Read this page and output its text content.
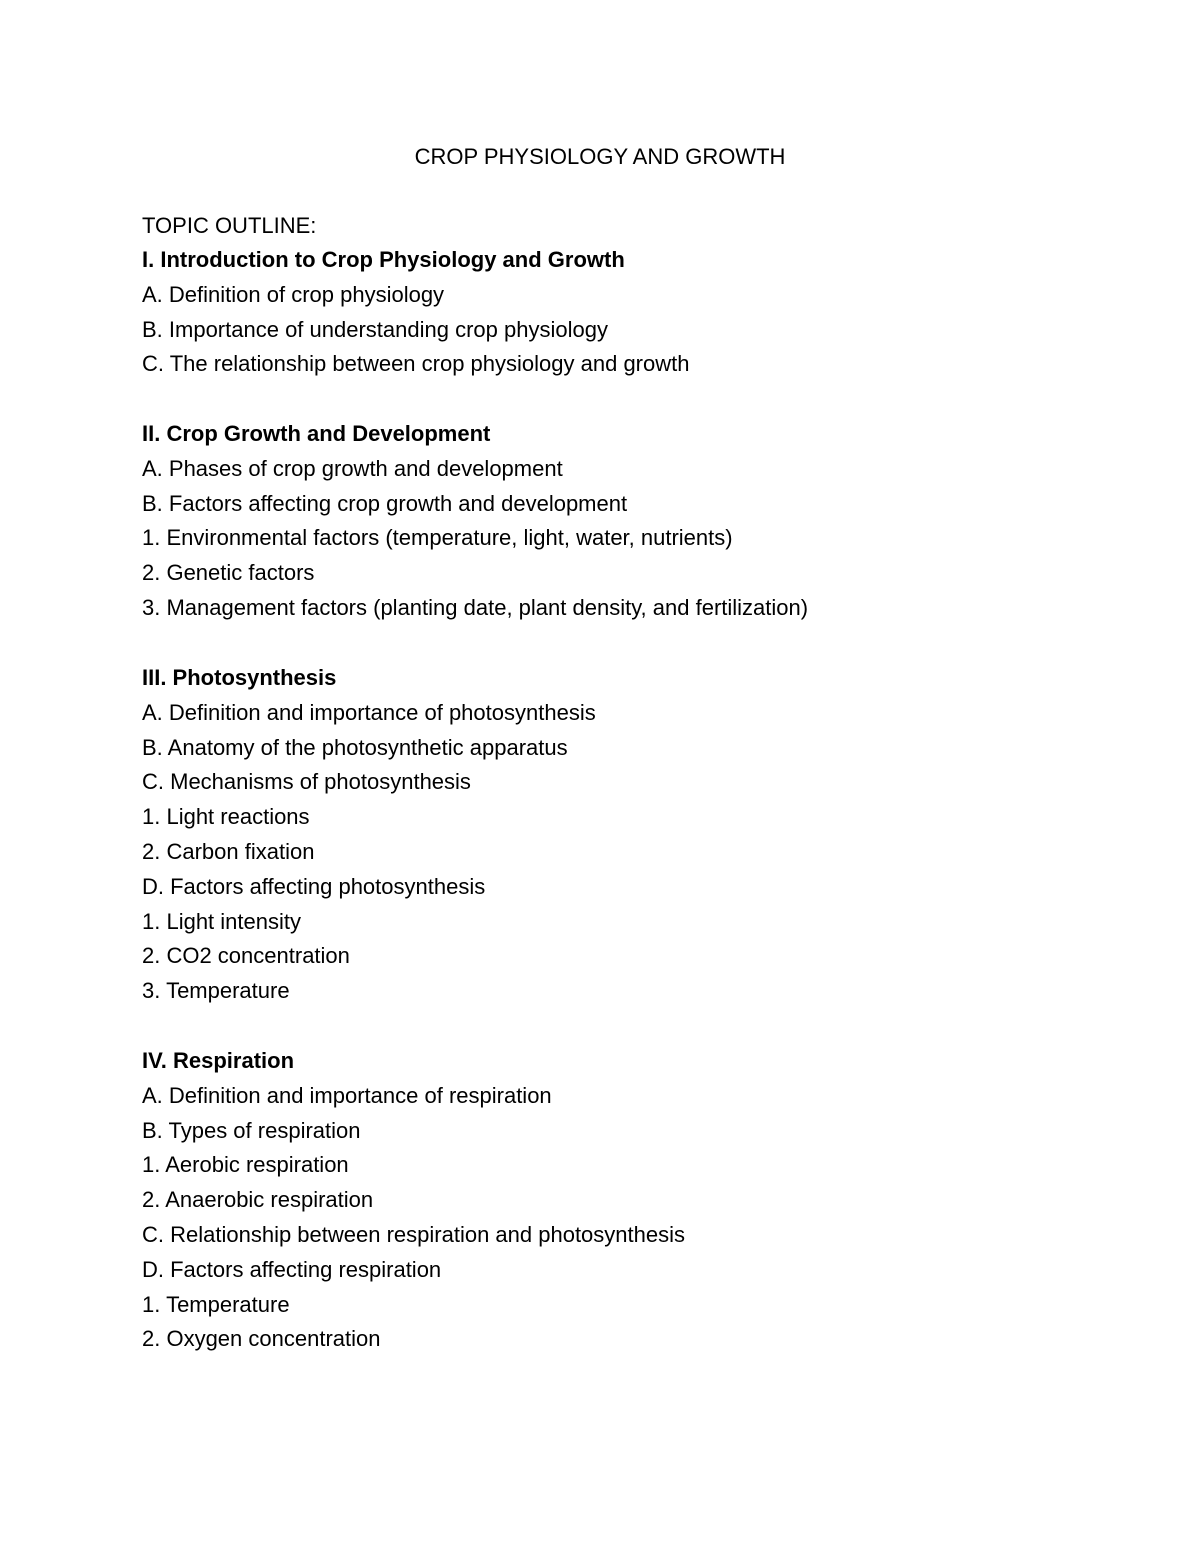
CROP PHYSIOLOGY AND GROWTH
TOPIC OUTLINE:
I. Introduction to Crop Physiology and Growth
A. Definition of crop physiology
B. Importance of understanding crop physiology
C. The relationship between crop physiology and growth
II. Crop Growth and Development
A. Phases of crop growth and development
B. Factors affecting crop growth and development
1. Environmental factors (temperature, light, water, nutrients)
2. Genetic factors
3. Management factors (planting date, plant density, and fertilization)
III. Photosynthesis
A. Definition and importance of photosynthesis
B. Anatomy of the photosynthetic apparatus
C. Mechanisms of photosynthesis
1. Light reactions
2. Carbon fixation
D. Factors affecting photosynthesis
1. Light intensity
2. CO2 concentration
3. Temperature
IV. Respiration
A. Definition and importance of respiration
B. Types of respiration
1. Aerobic respiration
2. Anaerobic respiration
C. Relationship between respiration and photosynthesis
D. Factors affecting respiration
1. Temperature
2. Oxygen concentration
